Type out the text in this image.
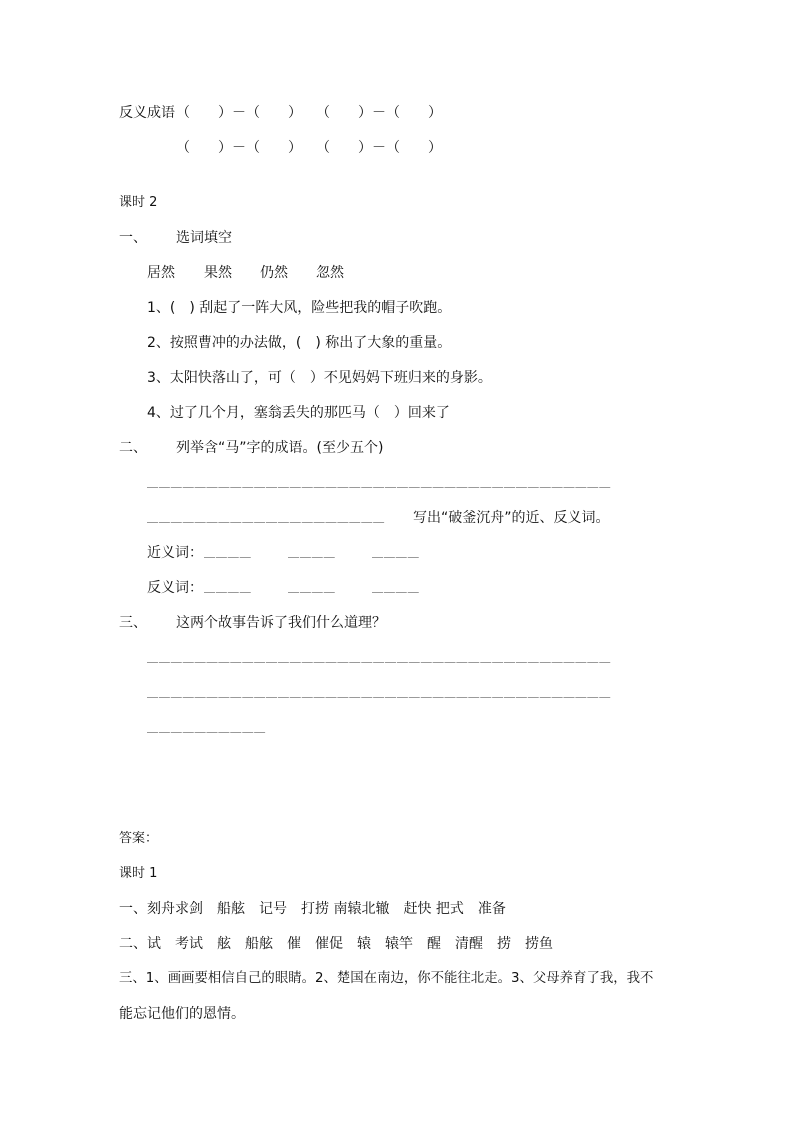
反义成语 （　　）－（　　） （　　）－（　　）
（　　）－（　　） （　　）－（　　）
课时 2
一、 选词填空
居然 果然 仍然 忽然
1、(　) 刮起了一阵大风，险些把我的帽子吹跑。
2、按照曹冲的办法做，(　) 称出了大象的重量。
3、太阳快落山了，可（　）不见妈妈下班归来的身影。
4、过了几个月，塞翁丢失的那匹马（　）回来了
二、 列举含“马”字的成语。(至少五个)
＿＿＿＿＿＿＿＿＿＿＿＿＿＿＿＿＿＿＿＿＿＿＿＿＿＿＿＿＿＿＿＿＿＿＿＿＿＿＿
＿＿＿＿＿＿＿＿＿＿＿＿＿＿＿＿＿＿＿＿ 写出“破釜沉舟”的近、反义词。
近义词： ＿＿＿＿	＿＿＿＿	＿＿＿＿
反义词： ＿＿＿＿	＿＿＿＿	＿＿＿＿
三、 这两个故事告诉了我们什么道理？
＿＿＿＿＿＿＿＿＿＿＿＿＿＿＿＿＿＿＿＿＿＿＿＿＿＿＿＿＿＿＿＿＿＿＿＿＿＿＿
＿＿＿＿＿＿＿＿＿＿＿＿＿＿＿＿＿＿＿＿＿＿＿＿＿＿＿＿＿＿＿＿＿＿＿＿＿＿＿
＿＿＿＿＿＿＿＿＿＿
答案：
课时 1
一、刻舟求剑　船舷　记号　打捞 南辕北辙　赶快 把式　准备
二、试　考试　舷　船舷　催　催促　辕　辕竿　醒　清醒　捞　捞鱼
三、1、画画要相信自己的眼睛。2、楚国在南边，你不能往北走。3、父母养育了我，我不
能忘记他们的恩情。
